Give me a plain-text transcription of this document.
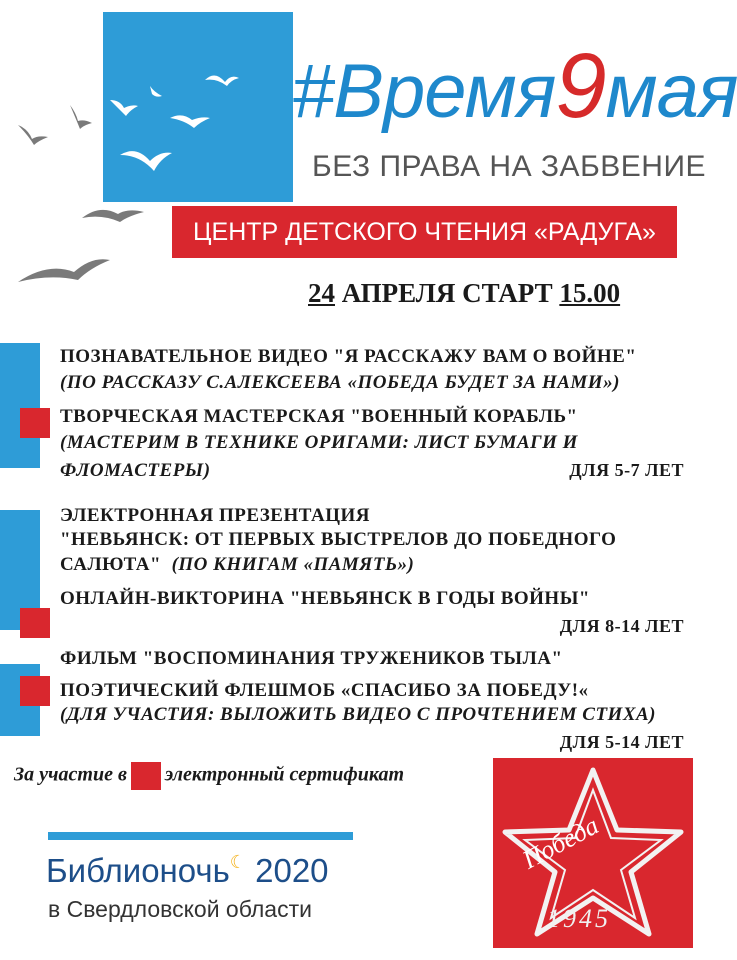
#Время9мая
БЕЗ ПРАВА НА ЗАБВЕНИЕ
ЦЕНТР ДЕТСКОГО ЧТЕНИЯ «РАДУГА»
24 АПРЕЛЯ СТАРТ 15.00
ПОЗНАВАТЕЛЬНОЕ ВИДЕО "Я РАССКАЖУ ВАМ О ВОЙНЕ"
(ПО РАССКАЗУ С.АЛЕКСЕЕВА «ПОБЕДА БУДЕТ ЗА НАМИ»)
ТВОРЧЕСКАЯ МАСТЕРСКАЯ "ВОЕННЫЙ КОРАБЛЬ"
(МАСТЕРИМ В ТЕХНИКЕ ОРИГАМИ: ЛИСТ БУМАГИ И
ФЛОМАСТЕРЫ)	ДЛЯ 5-7 ЛЕТ
ЭЛЕКТРОННАЯ ПРЕЗЕНТАЦИЯ
"НЕВЬЯНСК: ОТ ПЕРВЫХ ВЫСТРЕЛОВ ДО ПОБЕДНОГО
САЛЮТА" (ПО КНИГАМ «ПАМЯТЬ»)
ОНЛАЙН-ВИКТОРИНА "НЕВЬЯНСК В ГОДЫ ВОЙНЫ"
ДЛЯ 8-14 ЛЕТ
ФИЛЬМ "ВОСПОМИНАНИЯ ТРУЖЕНИКОВ ТЫЛА"
ПОЭТИЧЕСКИЙ ФЛЕШМОБ «СПАСИБО ЗА ПОБЕДУ!«
(ДЛЯ УЧАСТИЯ: ВЫЛОЖИТЬ ВИДЕО С ПРОЧТЕНИЕМ СТИХА)
ДЛЯ 5-14 ЛЕТ
За участие в электронный сертификат
Библионочь☾ 2020
в Свердловской области
Победа
1945
